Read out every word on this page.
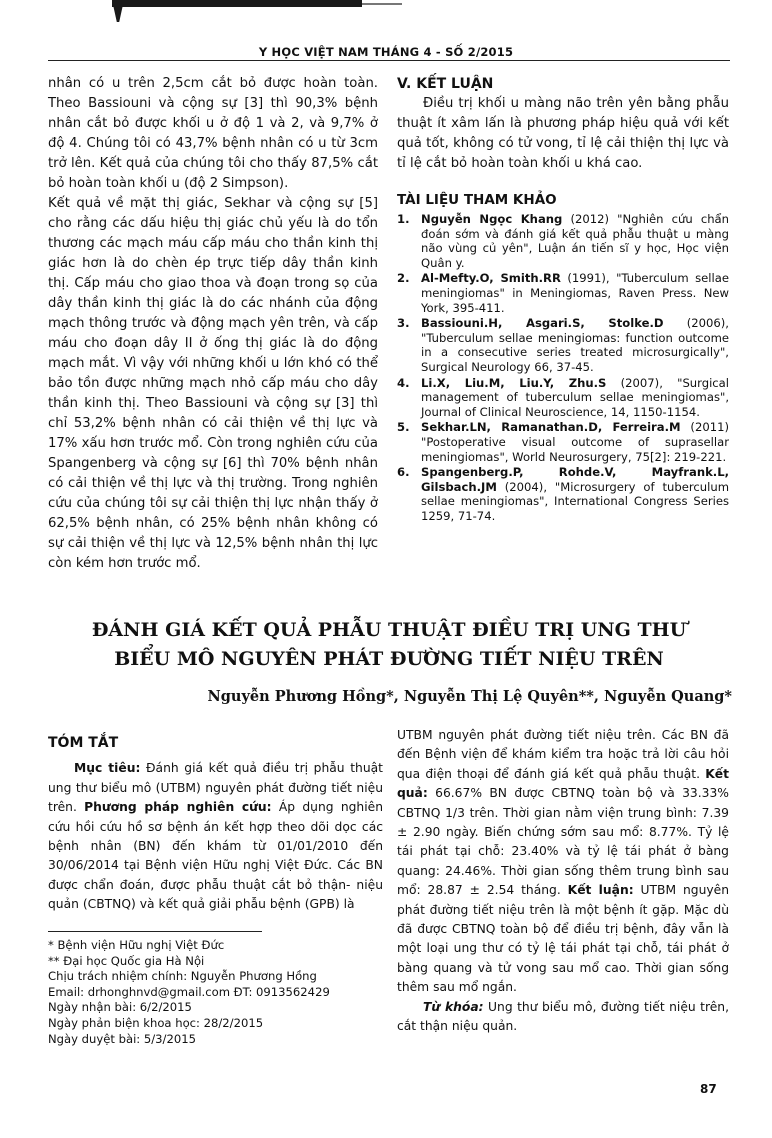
Y HỌC VIỆT NAM THÁNG 4 - SỐ 2/2015

nhân có u trên 2,5cm cắt bỏ được hoàn toàn. Theo Bassiouni và cộng sự [3] thì 90,3% bệnh nhân cắt bỏ được khối u ở độ 1 và 2, và 9,7% ở độ 4. Chúng tôi có 43,7% bệnh nhân có u từ 3cm trở lên. Kết quả của chúng tôi cho thấy 87,5% cắt bỏ hoàn toàn khối u (độ 2 Simpson).

Kết quả về mặt thị giác, Sekhar và cộng sự [5] cho rằng các dấu hiệu thị giác chủ yếu là do tổn thương các mạch máu cấp máu cho thần kinh thị giác hơn là do chèn ép trực tiếp dây thần kinh thị. Cấp máu cho giao thoa và đoạn trong sọ của dây thần kinh thị giác là do các nhánh của động mạch thông trước và động mạch yên trên, và cấp máu cho đoạn dây II ở ống thị giác là do động mạch mắt. Vì vậy với những khối u lớn khó có thể bảo tồn được những mạch nhỏ cấp máu cho dây thần kinh thị. Theo Bassiouni và cộng sự [3] thì chỉ 53,2% bệnh nhân có cải thiện về thị lực và 17% xấu hơn trước mổ. Còn trong nghiên cứu của Spangenberg và cộng sự [6] thì 70% bệnh nhân có cải thiện về thị lực và thị trường. Trong nghiên cứu của chúng tôi sự cải thiện thị lực nhận thấy ở 62,5% bệnh nhân, có 25% bệnh nhân không có sự cải thiện về thị lực và 12,5% bệnh nhân thị lực còn kém hơn trước mổ.

V. KẾT LUẬN

Điều trị khối u màng não trên yên bằng phẫu thuật ít xâm lấn là phương pháp hiệu quả với kết quả tốt, không có tử vong, tỉ lệ cải thiện thị lực và tỉ lệ cắt bỏ hoàn toàn khối u khá cao.

TÀI LIỆU THAM KHẢO
1. Nguyễn Ngọc Khang (2012) "Nghiên cứu chẩn đoán sớm và đánh giá kết quả phẫu thuật u màng não vùng củ yên", Luận án tiến sĩ y học, Học viện Quân y.
2. Al-Mefty.O, Smith.RR (1991), "Tuberculum sellae meningiomas" in Meningiomas, Raven Press. New York, 395-411.
3. Bassiouni.H, Asgari.S, Stolke.D (2006), "Tuberculum sellae meningiomas: function outcome in a consecutive series treated microsurgically", Surgical Neurology 66, 37-45.
4. Li.X, Liu.M, Liu.Y, Zhu.S (2007), "Surgical management of tuberculum sellae meningiomas", Journal of Clinical Neuroscience, 14, 1150-1154.
5. Sekhar.LN, Ramanathan.D, Ferreira.M (2011) "Postoperative visual outcome of suprasellar meningiomas", World Neurosurgery, 75[2]: 219-221.
6. Spangenberg.P, Rohde.V, Mayfrank.L, Gilsbach.JM (2004), "Microsurgery of tuberculum sellae meningiomas", International Congress Series 1259, 71-74.
ĐÁNH GIÁ KẾT QUẢ PHẪU THUẬT ĐIỀU TRỊ UNG THƯ
BIỂU MÔ NGUYÊN PHÁT ĐƯỜNG TIẾT NIỆU TRÊN
Nguyễn Phương Hồng*, Nguyễn Thị Lệ Quyên**, Nguyễn Quang*
TÓM TẮT

Mục tiêu: Đánh giá kết quả điều trị phẫu thuật ung thư biểu mô (UTBM) nguyên phát đường tiết niệu trên. Phương pháp nghiên cứu: Áp dụng nghiên cứu hồi cứu hồ sơ bệnh án kết hợp theo dõi dọc các bệnh nhân (BN) đến khám từ 01/01/2010 đến 30/06/2014 tại Bệnh viện Hữu nghị Việt Đức. Các BN được chẩn đoán, được phẫu thuật cắt bỏ thận- niệu quản (CBTNQ) và kết quả giải phẫu bệnh (GPB) là

UTBM nguyên phát đường tiết niệu trên. Các BN đã đến Bệnh viện để khám kiểm tra hoặc trả lời câu hỏi qua điện thoại để đánh giá kết quả phẫu thuật. Kết quả: 66.67% BN được CBTNQ toàn bộ và 33.33% CBTNQ 1/3 trên. Thời gian nằm viện trung bình: 7.39 ± 2.90 ngày. Biến chứng sớm sau mổ: 8.77%. Tỷ lệ tái phát tại chỗ: 23.40% và tỷ lệ tái phát ở bàng quang: 24.46%. Thời gian sống thêm trung bình sau mổ: 28.87 ± 2.54 tháng. Kết luận: UTBM nguyên phát đường tiết niệu trên là một bệnh ít gặp. Mặc dù đã được CBTNQ toàn bộ để điều trị bệnh, đây vẫn là một loại ung thư có tỷ lệ tái phát tại chỗ, tái phát ở bàng quang và tử vong sau mổ cao. Thời gian sống thêm sau mổ ngắn.

Từ khóa: Ung thư biểu mô, đường tiết niệu trên, cắt thận niệu quản.

* Bệnh viện Hữu nghị Việt Đức
** Đại học Quốc gia Hà Nội
Chịu trách nhiệm chính: Nguyễn Phương Hồng
Email: drhonghnvd@gmail.com ĐT: 0913562429
Ngày nhận bài: 6/2/2015
Ngày phản biện khoa học: 28/2/2015
Ngày duyệt bài: 5/3/2015
87
